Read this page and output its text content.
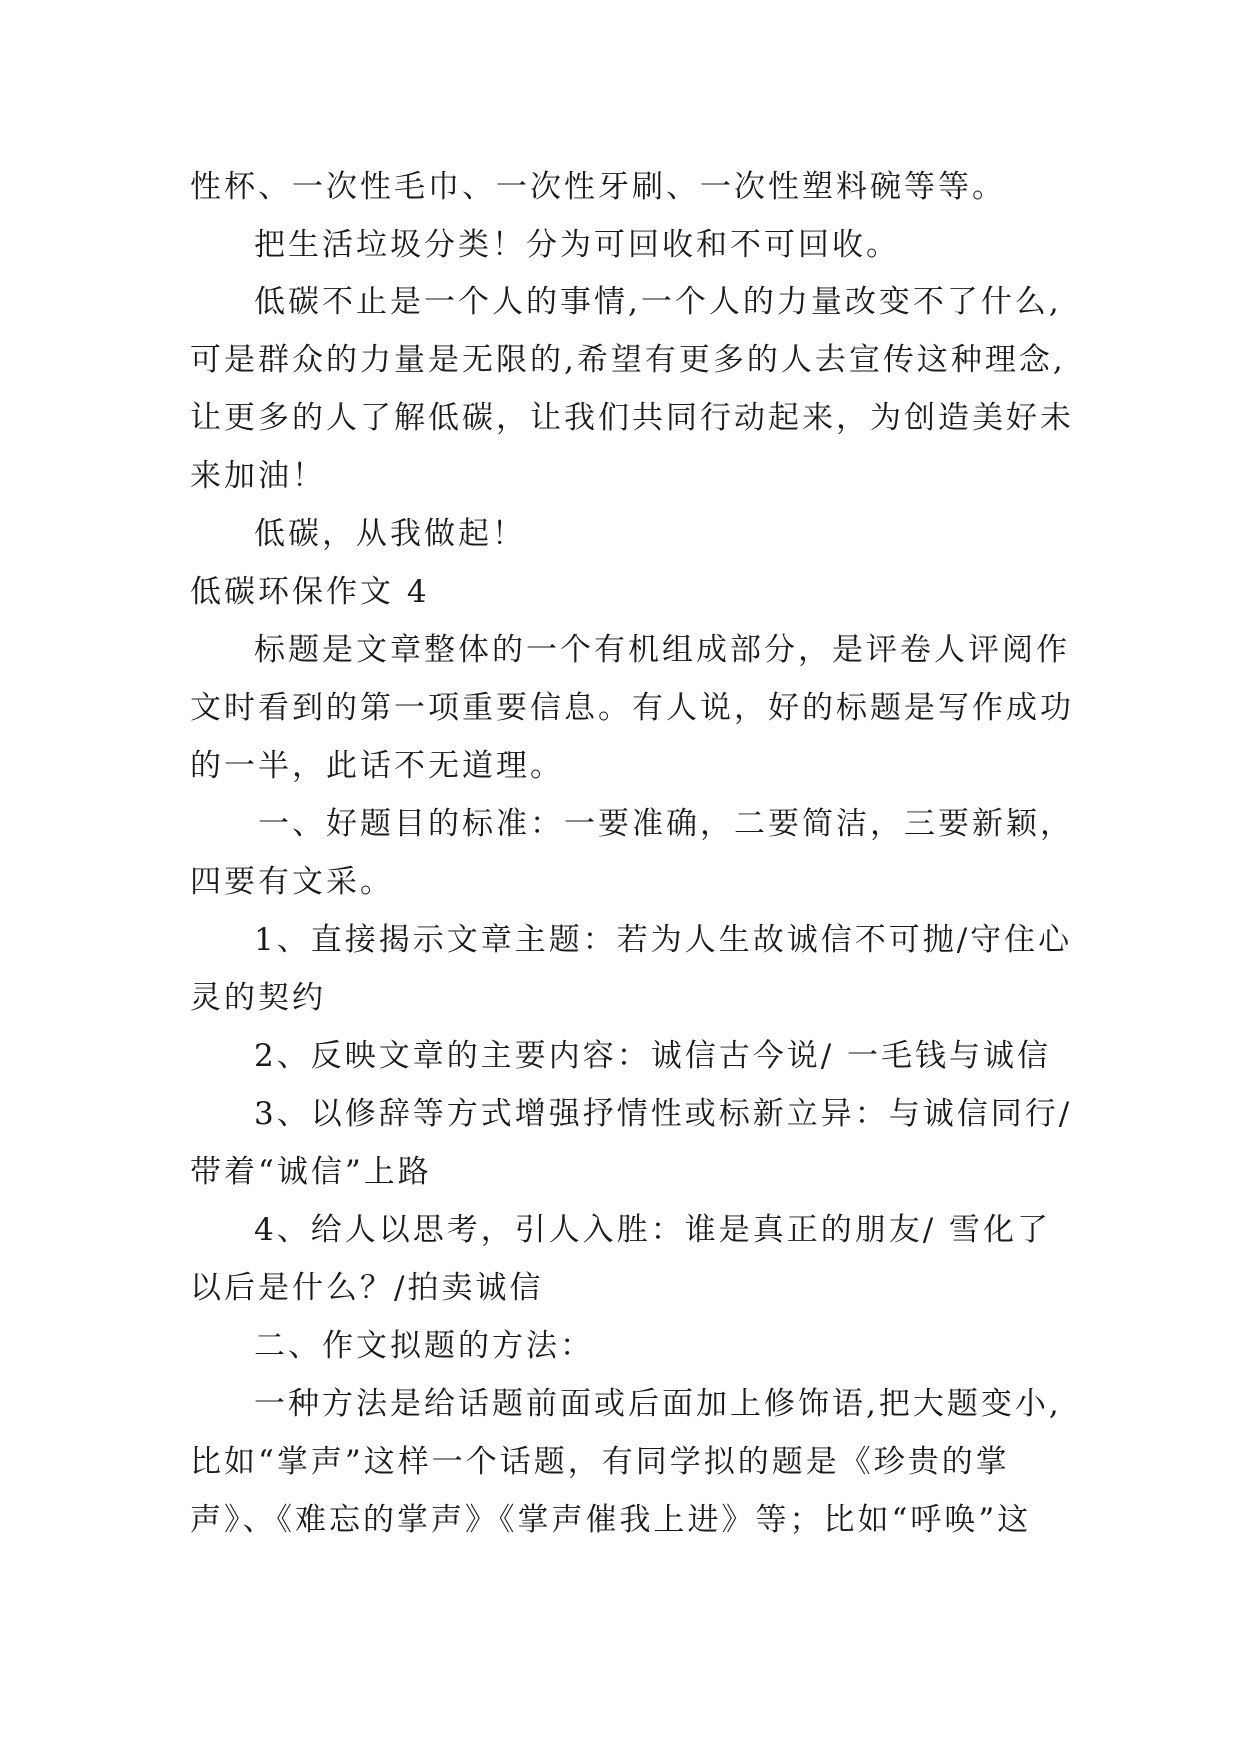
性杯、一次性毛巾、一次性牙刷、一次性塑料碗等等。
把生活垃圾分类！分为可回收和不可回收。
低碳不止是一个人的事情,一个人的力量改变不了什么,
可是群众的力量是无限的,希望有更多的人去宣传这种理念,
让更多的人了解低碳，让我们共同行动起来，为创造美好未
来加油！
低碳，从我做起！
低碳环保作文 4
标题是文章整体的一个有机组成部分，是评卷人评阅作
文时看到的第一项重要信息。有人说，好的标题是写作成功
的一半，此话不无道理。
一、好题目的标准：一要准确，二要简洁，三要新颖，
四要有文采。
1、直接揭示文章主题：若为人生故诚信不可抛/守住心
灵的契约
2、反映文章的主要内容：诚信古今说/ 一毛钱与诚信
3、以修辞等方式增强抒情性或标新立异：与诚信同行/
带着“诚信”上路
4、给人以思考，引人入胜：谁是真正的朋友/ 雪化了
以后是什么？/拍卖诚信
二、作文拟题的方法：
一种方法是给话题前面或后面加上修饰语,把大题变小,
比如“掌声”这样一个话题，有同学拟的题是《珍贵的掌
声》、《难忘的掌声》《掌声催我上进》等；比如“呼唤”这
